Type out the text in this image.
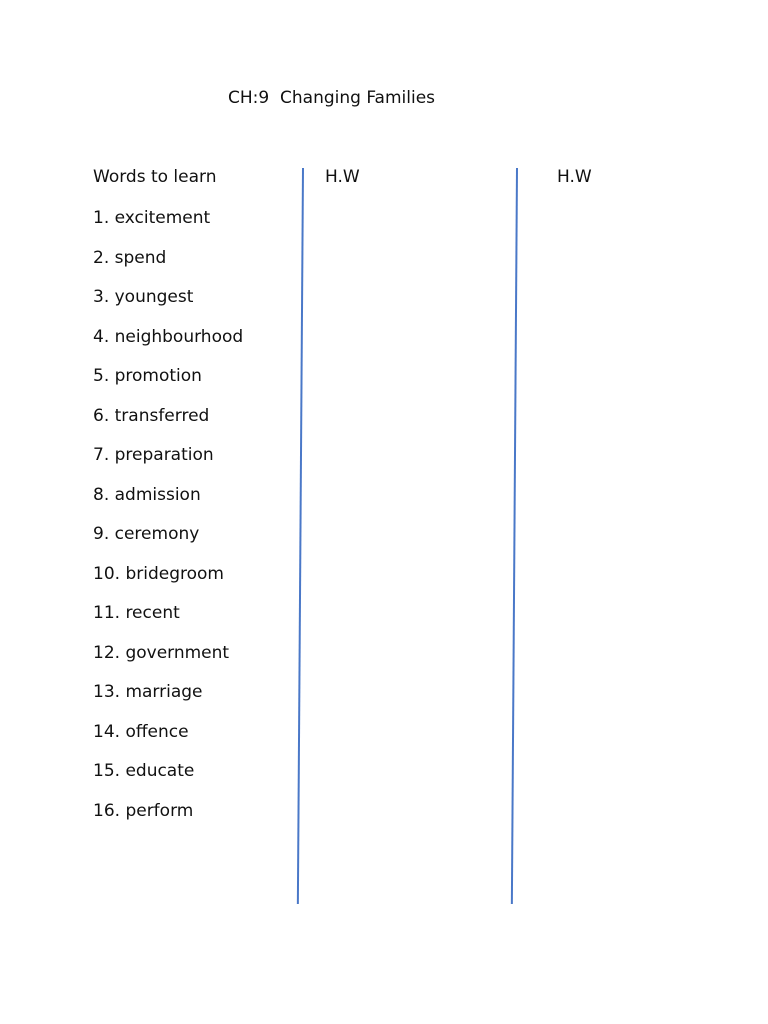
CH:9  Changing Families
Words to learn	H.W	H.W
1. excitement
2. spend
3. youngest
4. neighbourhood
5. promotion
6. transferred
7. preparation
8. admission
9. ceremony
10. bridegroom
11. recent
12. government
13. marriage
14. offence
15. educate
16. perform
